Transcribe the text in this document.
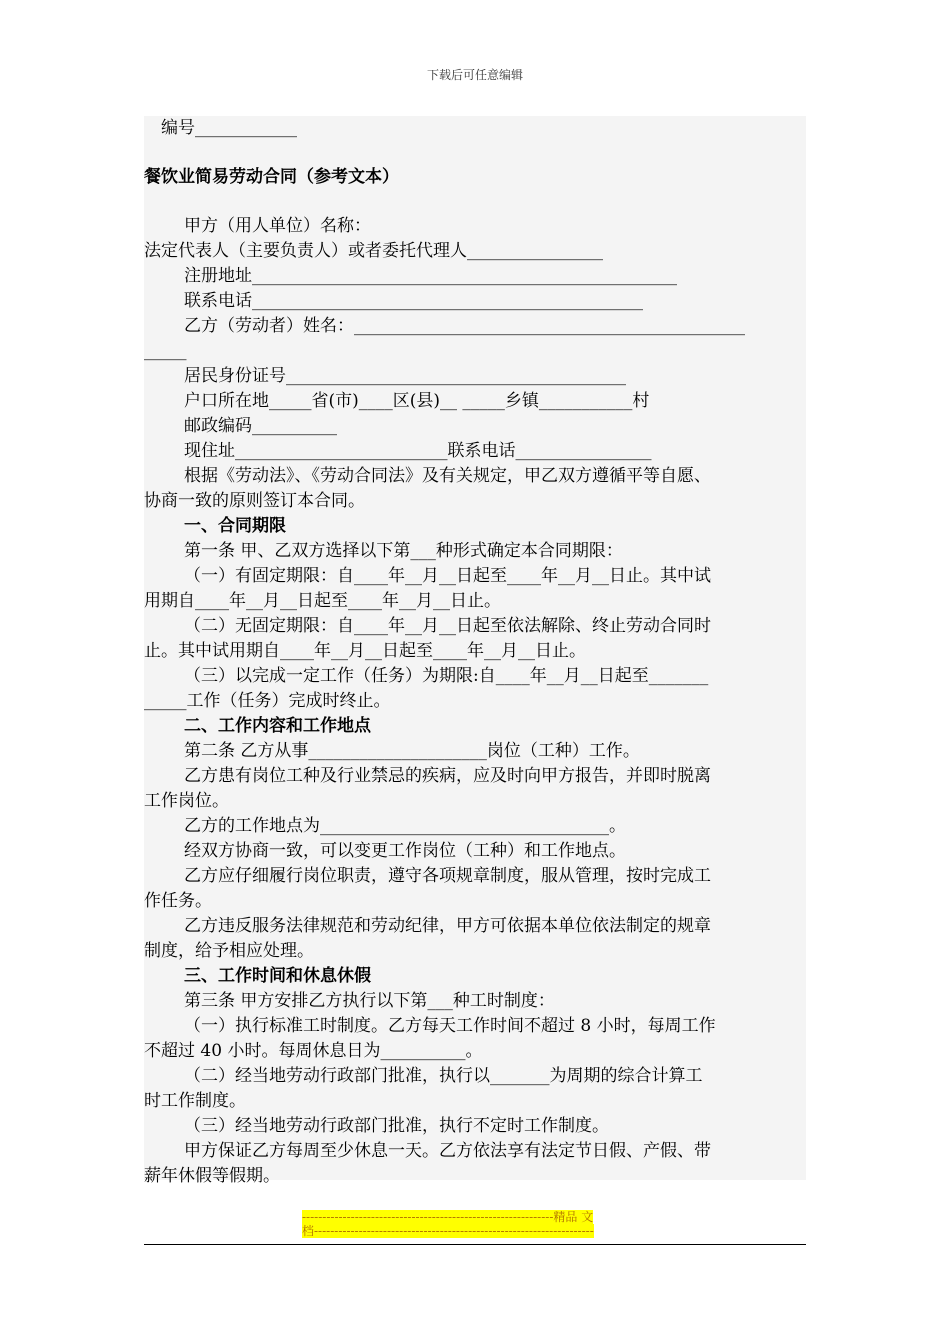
下载后可任意编辑
　编号____________
餐饮业简易劳动合同（参考文本）
甲方（用人单位）名称：
法定代表人（主要负责人）或者委托代理人________________
注册地址__________________________________________________
联系电话______________________________________________
乙方（劳动者）姓名：______________________________________________
_____
居民身份证号________________________________________
户口所在地_____省(市)____区(县)__ _____乡镇___________村
邮政编码__________
现住址_________________________联系电话________________
根据《劳动法》、《劳动合同法》及有关规定，甲乙双方遵循平等自愿、
协商一致的原则签订本合同。
一、合同期限
第一条 甲、乙双方选择以下第___种形式确定本合同期限：
（一）有固定期限：自____年__月__日起至____年__月__日止。其中试
用期自____年__月__日起至____年__月__日止。
（二）无固定期限：自____年__月__日起至依法解除、终止劳动合同时
止。其中试用期自____年__月__日起至____年__月__日止。
（三）以完成一定工作（任务）为期限:自____年__月__日起至_______
_____工作（任务）完成时终止。
二、工作内容和工作地点
第二条 乙方从事_____________________岗位（工种）工作。
乙方患有岗位工种及行业禁忌的疾病，应及时向甲方报告，并即时脱离
工作岗位。
乙方的工作地点为__________________________________。
经双方协商一致，可以变更工作岗位（工种）和工作地点。
乙方应仔细履行岗位职责，遵守各项规章制度，服从管理，按时完成工
作任务。
乙方违反服务法律规范和劳动纪律，甲方可依据本单位依法制定的规章
制度，给予相应处理。
三、工作时间和休息休假
第三条 甲方安排乙方执行以下第___种工时制度：
（一）执行标准工时制度。乙方每天工作时间不超过 8 小时，每周工作
不超过 40 小时。每周休息日为__________。
（二）经当地劳动行政部门批准，执行以_______为周期的综合计算工
时工作制度。
（三）经当地劳动行政部门批准，执行不定时工作制度。
甲方保证乙方每周至少休息一天。乙方依法享有法定节日假、产假、带
薪年休假等假期。
--------------------------------------------------------------精品 文
档---------------------------------------------------------------------
